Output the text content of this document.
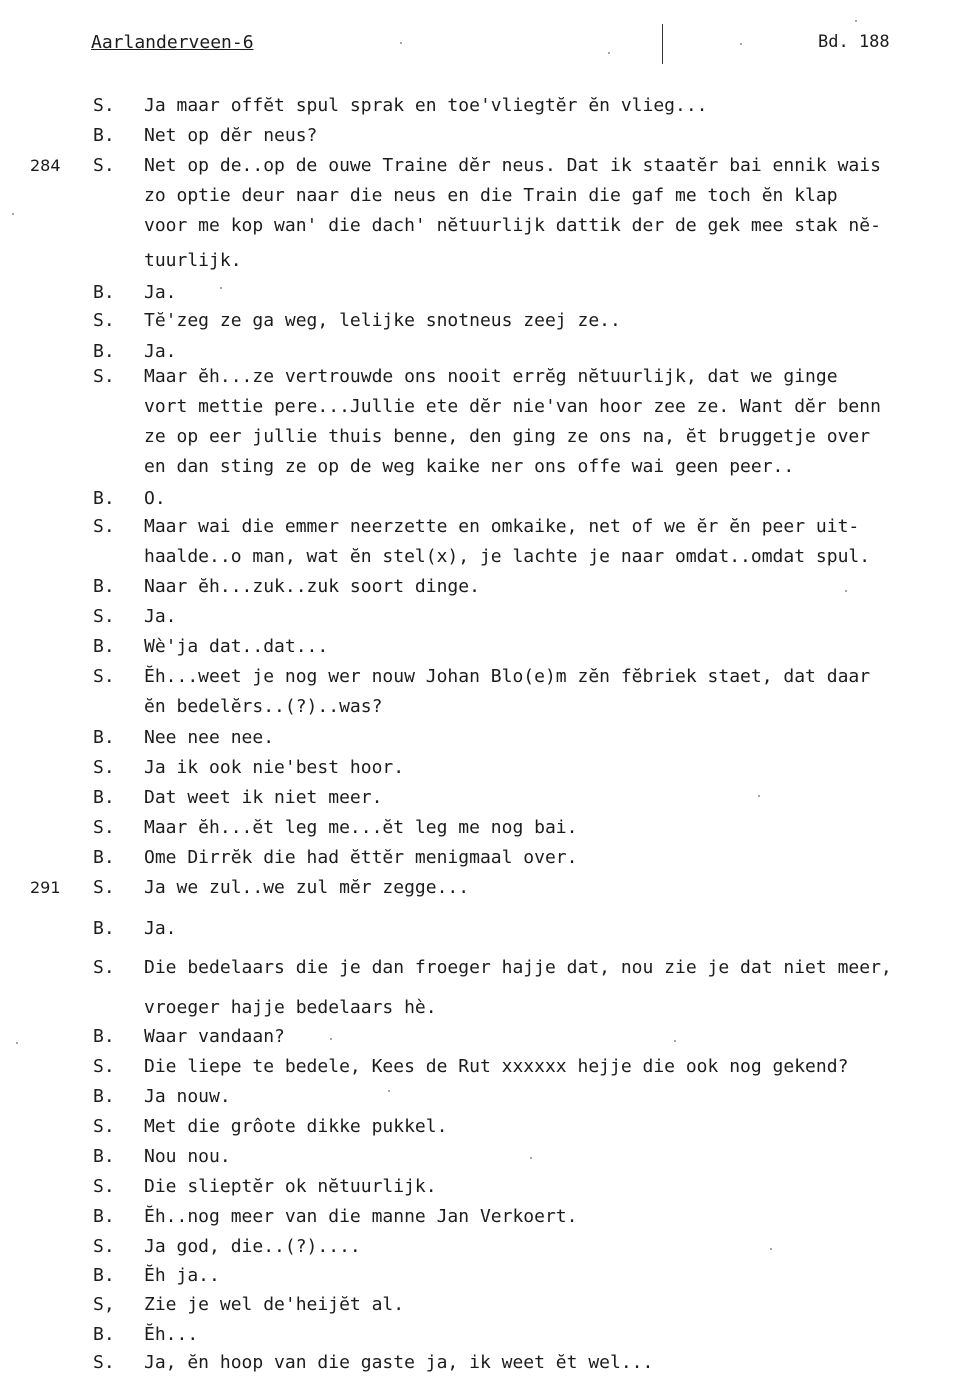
Aarlanderveen-6	Bd. 188
S.	Ja maar offĕt spul sprak en toe'vliegtĕr ĕn vlieg...
B.	Net op dĕr neus?
284	S.	Net op de..op de ouwe Traine dĕr neus. Dat ik staatĕr bai ennik wais
zo optie deur naar die neus en die Train die gaf me toch ĕn klap
voor me kop wan' die dach' nĕtuurlijk dattik der de gek mee stak nĕ-
tuurlijk.
B.	Ja.
S.	Tĕ'zeg ze ga weg, lelijke snotneus zeej ze..
B.	Ja.
S.	Maar ĕh...ze vertrouwde ons nooit errĕg nĕtuurlijk, dat we ginge
vort mettie pere...Jullie ete dĕr nie'van hoor zee ze. Want dĕr benn
ze op eer jullie thuis benne, den ging ze ons na, ĕt bruggetje over
en dan sting ze op de weg kaike ner ons offe wai geen peer..
B.	O.
S.	Maar wai die emmer neerzette en omkaike, net of we ĕr ĕn peer uit-
haalde..o man, wat ĕn stel(x), je lachte je naar omdat..omdat spul.
B.	Naar ĕh...zuk..zuk soort dinge.
S.	Ja.
B.	Wè'ja dat..dat...
S.	Ĕh...weet je nog wer nouw Johan Blo(e)m zĕn fĕbriek staet, dat daar
ĕn bedelĕrs..(?)..was?
B.	Nee nee nee.
S.	Ja ik ook nie'best hoor.
B.	Dat weet ik niet meer.
S.	Maar ĕh...ĕt leg me...ĕt leg me nog bai.
B.	Ome Dirrĕk die had ĕttĕr menigmaal over.
291	S.	Ja we zul..we zul mĕr zegge...
B.	Ja.
S.	Die bedelaars die je dan froeger hajje dat, nou zie je dat niet meer,
vroeger hajje bedelaars hè.
B.	Waar vandaan?
S.	Die liepe te bedele, Kees de Rut xxxxxx hejje die ook nog gekend?
B.	Ja nouw.
S.	Met die grôote dikke pukkel.
B.	Nou nou.
S.	Die slieptĕr ok nĕtuurlijk.
B.	Ĕh..nog meer van die manne Jan Verkoert.
S.	Ja god, die..(?)....
B.	Ĕh ja..
S,	Zie je wel de'heijĕt al.
B.	Ĕh...
S.	Ja, ĕn hoop van die gaste ja, ik weet ĕt wel...
